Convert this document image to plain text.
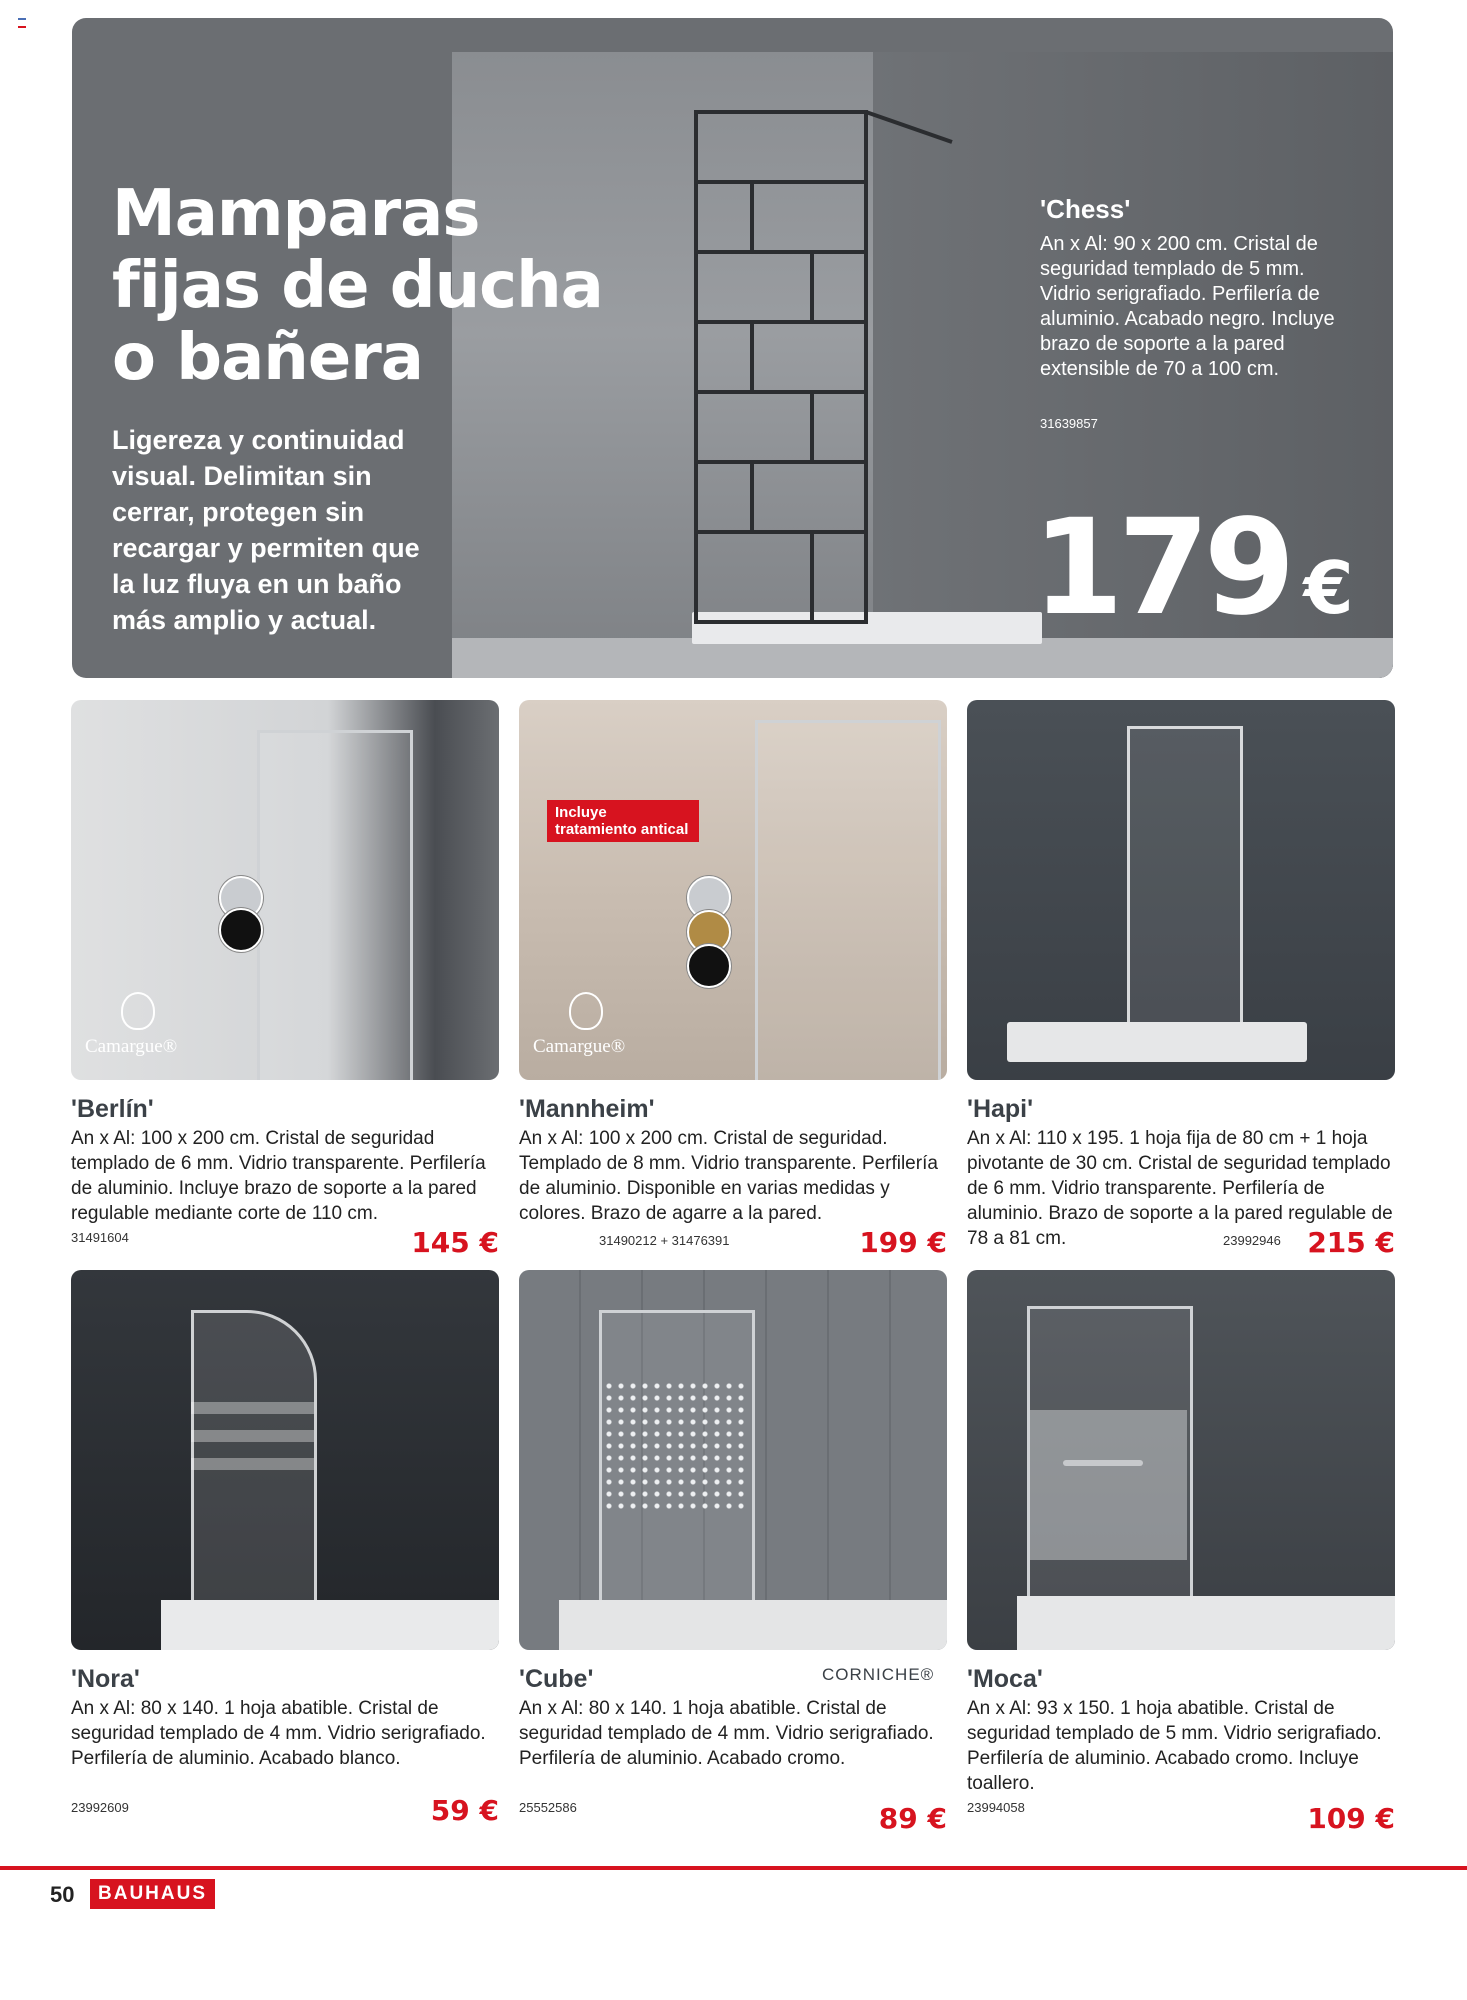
Mamparas
fijas de ducha
o bañera

Ligereza y continuidad visual. Delimitan sin cerrar, protegen sin recargar y permiten que la luz fluya en un baño más amplio y actual.

'Chess'
An x Al: 90 x 200 cm. Cristal de seguridad templado de 5 mm. Vidrio serigrafiado. Perfilería de aluminio. Acabado negro. Incluye brazo de soporte a la pared extensible de 70 a 100 cm.
31639857
179 €
Camargue®
'Berlín'
An x Al: 100 x 200 cm. Cristal de seguridad templado de 6 mm. Vidrio transparente. Perfilería de aluminio. Incluye brazo de soporte a la pared regulable mediante corte de 110 cm.
31491604	145 €
Incluye
tratamiento antical
Camargue®
'Mannheim'
An x Al: 100 x 200 cm. Cristal de seguridad. Templado de 8 mm. Vidrio transparente. Perfilería de aluminio. Disponible en varias medidas y colores. Brazo de agarre a la pared.
31490212 + 31476391	199 €
'Hapi'
An x Al: 110 x 195. 1 hoja fija de 80 cm + 1 hoja pivotante de 30 cm. Cristal de seguridad templado de 6 mm. Vidrio transparente. Perfilería de aluminio. Brazo de soporte a la pared regulable de 78 a 81 cm.	215 €
23992946
'Nora'
An x Al: 80 x 140. 1 hoja abatible. Cristal de seguridad templado de 4 mm. Vidrio serigrafiado. Perfilería de aluminio. Acabado blanco.
23992609	59 €
'Cube'
An x Al: 80 x 140. 1 hoja abatible. Cristal de seguridad templado de 4 mm. Vidrio serigrafiado. Perfilería de aluminio. Acabado cromo.
25552586	89 €
CORNICHE® 'Moca'
An x Al: 93 x 150. 1 hoja abatible. Cristal de seguridad templado de 5 mm. Vidrio serigrafiado. Perfilería de aluminio. Acabado cromo. Incluye toallero.
23994058	109 €
50	BAUHAUS
